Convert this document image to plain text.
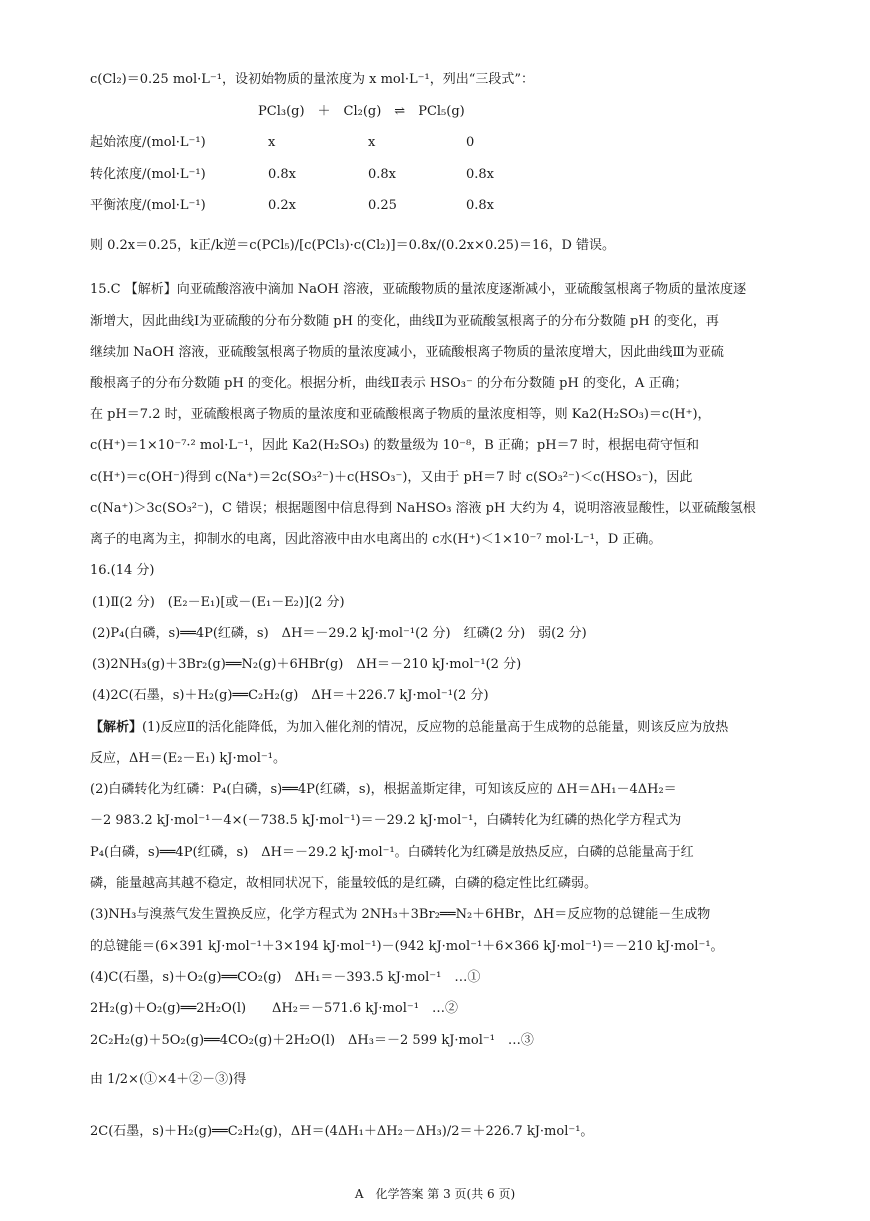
c(Cl₂)＝0.25 mol·L⁻¹，设初始物质的量浓度为 x mol·L⁻¹，列出“三段式”：
PCl₃(g)　＋　Cl₂(g)　⇌　PCl₅(g)
起始浓度/(mol·L⁻¹)	x	x	0
转化浓度/(mol·L⁻¹)	0.8x	0.8x	0.8x
平衡浓度/(mol·L⁻¹)	0.2x	0.25	0.8x
则 0.2x＝0.25，k正/k逆＝c(PCl₅)/[c(PCl₃)·c(Cl₂)]＝0.8x/(0.2x×0.25)＝16，D 错误。
15.C 【解析】向亚硫酸溶液中滴加 NaOH 溶液，亚硫酸物质的量浓度逐渐减小，亚硫酸氢根离子物质的量浓度逐
渐增大，因此曲线Ⅰ为亚硫酸的分布分数随 pH 的变化，曲线Ⅱ为亚硫酸氢根离子的分布分数随 pH 的变化，再
继续加 NaOH 溶液，亚硫酸氢根离子物质的量浓度减小，亚硫酸根离子物质的量浓度增大，因此曲线Ⅲ为亚硫
酸根离子的分布分数随 pH 的变化。根据分析，曲线Ⅱ表示 HSO₃⁻ 的分布分数随 pH 的变化，A 正确；
在 pH＝7.2 时，亚硫酸根离子物质的量浓度和亚硫酸根离子物质的量浓度相等，则 Ka2(H₂SO₃)＝c(H⁺)，
c(H⁺)＝1×10⁻⁷·² mol·L⁻¹，因此 Ka2(H₂SO₃) 的数量级为 10⁻⁸，B 正确；pH＝7 时，根据电荷守恒和
c(H⁺)＝c(OH⁻)得到 c(Na⁺)＝2c(SO₃²⁻)＋c(HSO₃⁻)，又由于 pH＝7 时 c(SO₃²⁻)＜c(HSO₃⁻)，因此
c(Na⁺)＞3c(SO₃²⁻)，C 错误；根据题图中信息得到 NaHSO₃ 溶液 pH 大约为 4，说明溶液显酸性，以亚硫酸氢根
离子的电离为主，抑制水的电离，因此溶液中由水电离出的 c水(H⁺)＜1×10⁻⁷ mol·L⁻¹，D 正确。
16.(14 分)
(1)Ⅱ(2 分)　(E₂－E₁)[或－(E₁－E₂)](2 分)
(2)P₄(白磷，s)══4P(红磷，s)　ΔH＝－29.2 kJ·mol⁻¹(2 分)　红磷(2 分)　弱(2 分)
(3)2NH₃(g)＋3Br₂(g)══N₂(g)＋6HBr(g)　ΔH＝－210 kJ·mol⁻¹(2 分)
(4)2C(石墨，s)＋H₂(g)══C₂H₂(g)　ΔH＝＋226.7 kJ·mol⁻¹(2 分)
【解析】(1)反应Ⅱ的活化能降低，为加入催化剂的情况，反应物的总能量高于生成物的总能量，则该反应为放热
反应，ΔH＝(E₂－E₁) kJ·mol⁻¹。
(2)白磷转化为红磷：P₄(白磷，s)══4P(红磷，s)，根据盖斯定律，可知该反应的 ΔH＝ΔH₁－4ΔH₂＝
－2 983.2 kJ·mol⁻¹－4×(－738.5 kJ·mol⁻¹)＝－29.2 kJ·mol⁻¹，白磷转化为红磷的热化学方程式为
P₄(白磷，s)══4P(红磷，s)　ΔH＝－29.2 kJ·mol⁻¹。白磷转化为红磷是放热反应，白磷的总能量高于红
磷，能量越高其越不稳定，故相同状况下，能量较低的是红磷，白磷的稳定性比红磷弱。
(3)NH₃与溴蒸气发生置换反应，化学方程式为 2NH₃＋3Br₂══N₂＋6HBr，ΔH＝反应物的总键能－生成物
的总键能＝(6×391 kJ·mol⁻¹＋3×194 kJ·mol⁻¹)－(942 kJ·mol⁻¹＋6×366 kJ·mol⁻¹)＝－210 kJ·mol⁻¹。
(4)C(石墨，s)＋O₂(g)══CO₂(g)　ΔH₁＝－393.5 kJ·mol⁻¹　…①
2H₂(g)＋O₂(g)══2H₂O(l)　　ΔH₂＝－571.6 kJ·mol⁻¹　…②
2C₂H₂(g)＋5O₂(g)══4CO₂(g)＋2H₂O(l)　ΔH₃＝－2 599 kJ·mol⁻¹　…③
由 1/2×(①×4＋②－③)得
2C(石墨，s)＋H₂(g)══C₂H₂(g)，ΔH＝(4ΔH₁＋ΔH₂－ΔH₃)/2＝＋226.7 kJ·mol⁻¹。
A　化学答案 第 3 页(共 6 页)
